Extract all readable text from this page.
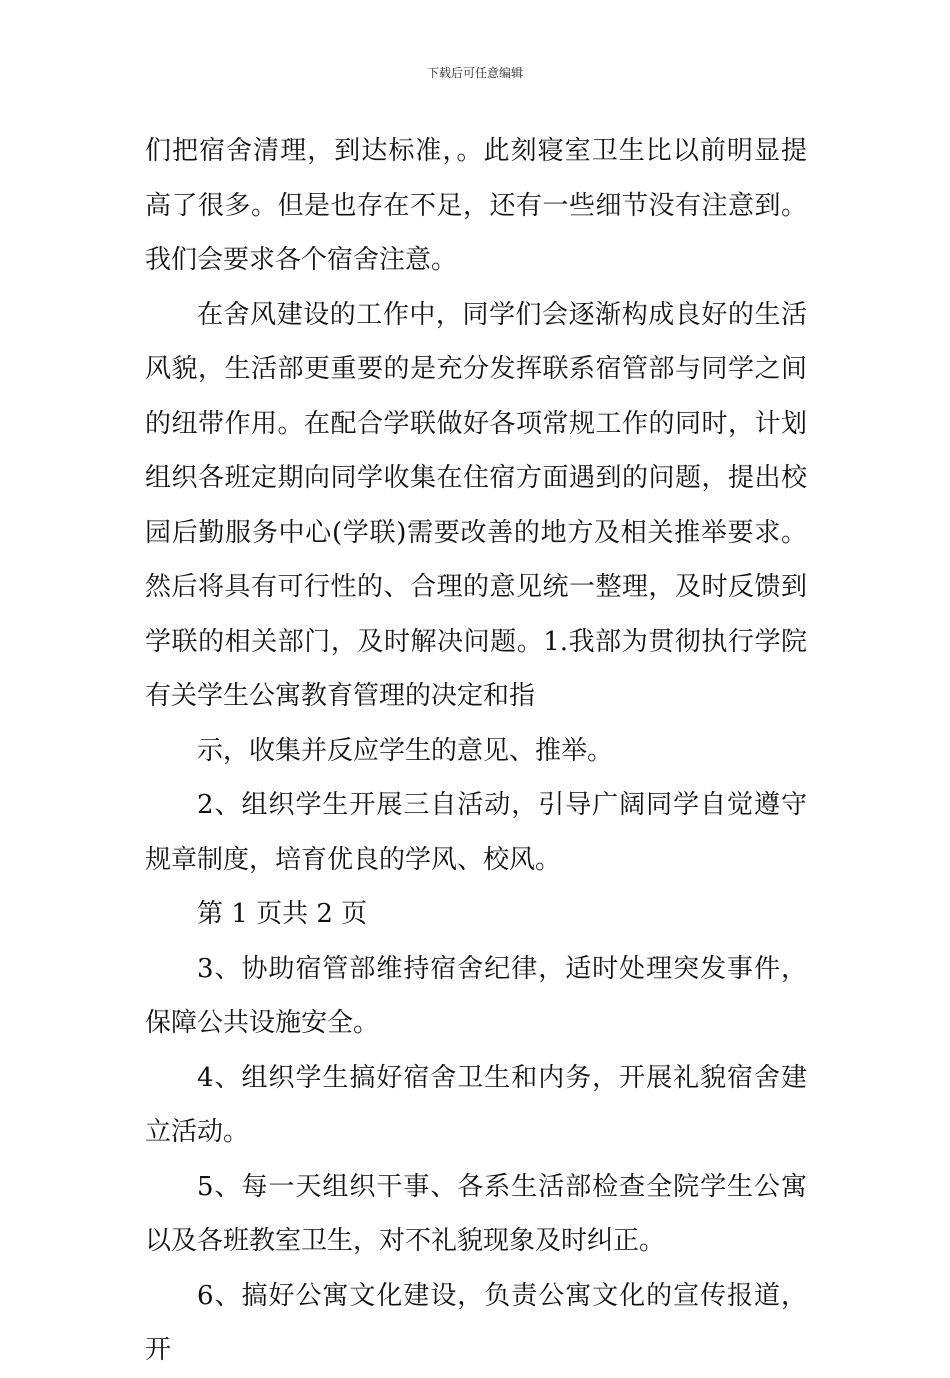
下载后可任意编辑

们把宿舍清理，到达标准，。此刻寝室卫生比以前明显提高了很多。但是也存在不足，还有一些细节没有注意到。我们会要求各个宿舍注意。

在舍风建设的工作中，同学们会逐渐构成良好的生活风貌，生活部更重要的是充分发挥联系宿管部与同学之间的纽带作用。在配合学联做好各项常规工作的同时，计划组织各班定期向同学收集在住宿方面遇到的问题，提出校园后勤服务中心(学联)需要改善的地方及相关推举要求。然后将具有可行性的、合理的意见统一整理，及时反馈到学联的相关部门，及时解决问题。1.我部为贯彻执行学院有关学生公寓教育管理的决定和指

示，收集并反应学生的意见、推举。

2、组织学生开展三自活动，引导广阔同学自觉遵守规章制度，培育优良的学风、校风。

第 1 页共 2 页

3、协助宿管部维持宿舍纪律，适时处理突发事件，保障公共设施安全。

4、组织学生搞好宿舍卫生和内务，开展礼貌宿舍建立活动。

5、每一天组织干事、各系生活部检查全院学生公寓以及各班教室卫生，对不礼貌现象及时纠正。

6、搞好公寓文化建设，负责公寓文化的宣传报道，开
